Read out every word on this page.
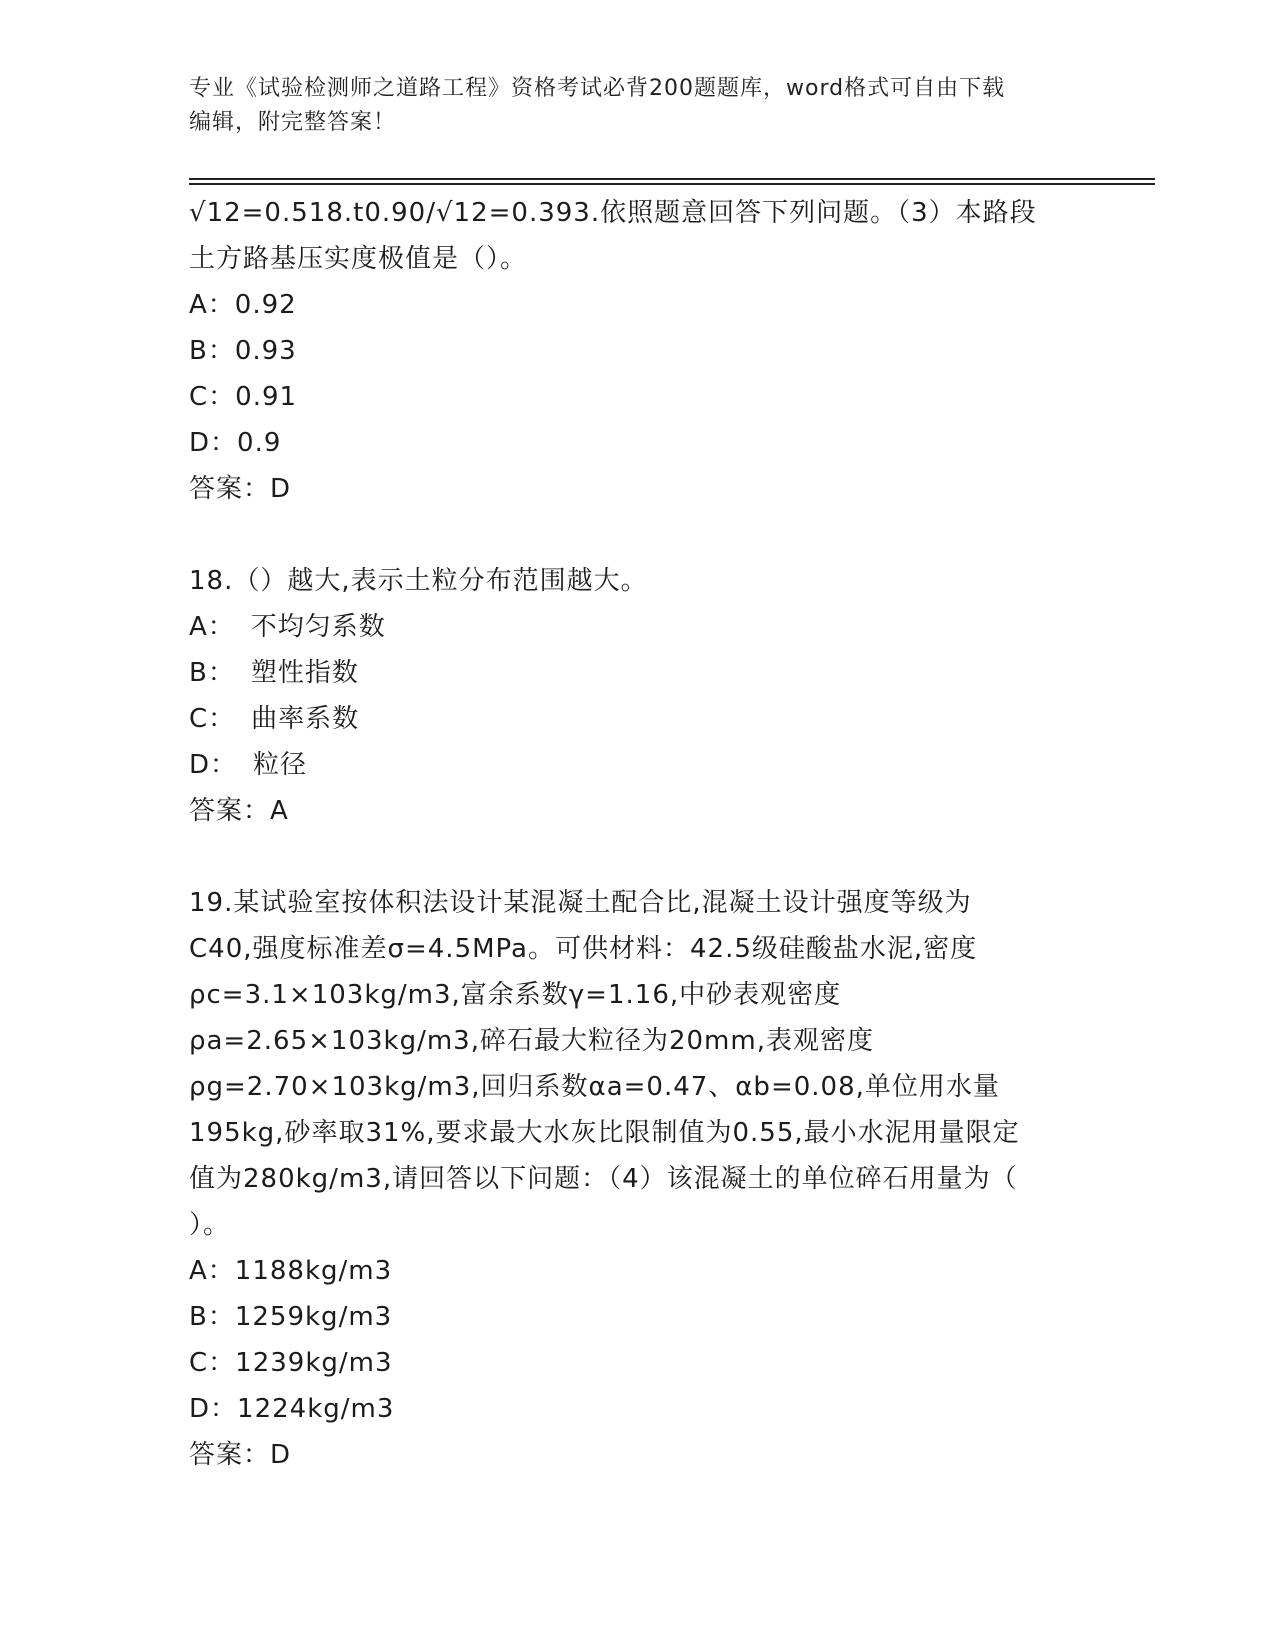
专业《试验检测师之道路工程》资格考试必背200题题库，word格式可自由下载
编辑，附完整答案！
√12=0.518.t0.90/√12=0.393.依照题意回答下列问题。（3）本路段
土方路基压实度极值是（）。
A：0.92
B：0.93
C：0.91
D：0.9
答案：D
18.（）越大,表示土粒分布范围越大。
A： 不均匀系数
B： 塑性指数
C： 曲率系数
D： 粒径
答案：A
19.某试验室按体积法设计某混凝土配合比,混凝土设计强度等级为
C40,强度标准差σ=4.5MPa。可供材料：42.5级硅酸盐水泥,密度
ρc=3.1×103kg/m3,富余系数γ=1.16,中砂表观密度
ρa=2.65×103kg/m3,碎石最大粒径为20mm,表观密度
ρg=2.70×103kg/m3,回归系数αa=0.47、αb=0.08,单位用水量
195kg,砂率取31%,要求最大水灰比限制值为0.55,最小水泥用量限定
值为280kg/m3,请回答以下问题：（4）该混凝土的单位碎石用量为（
）。
A：1188kg/m3
B：1259kg/m3
C：1239kg/m3
D：1224kg/m3
答案：D
